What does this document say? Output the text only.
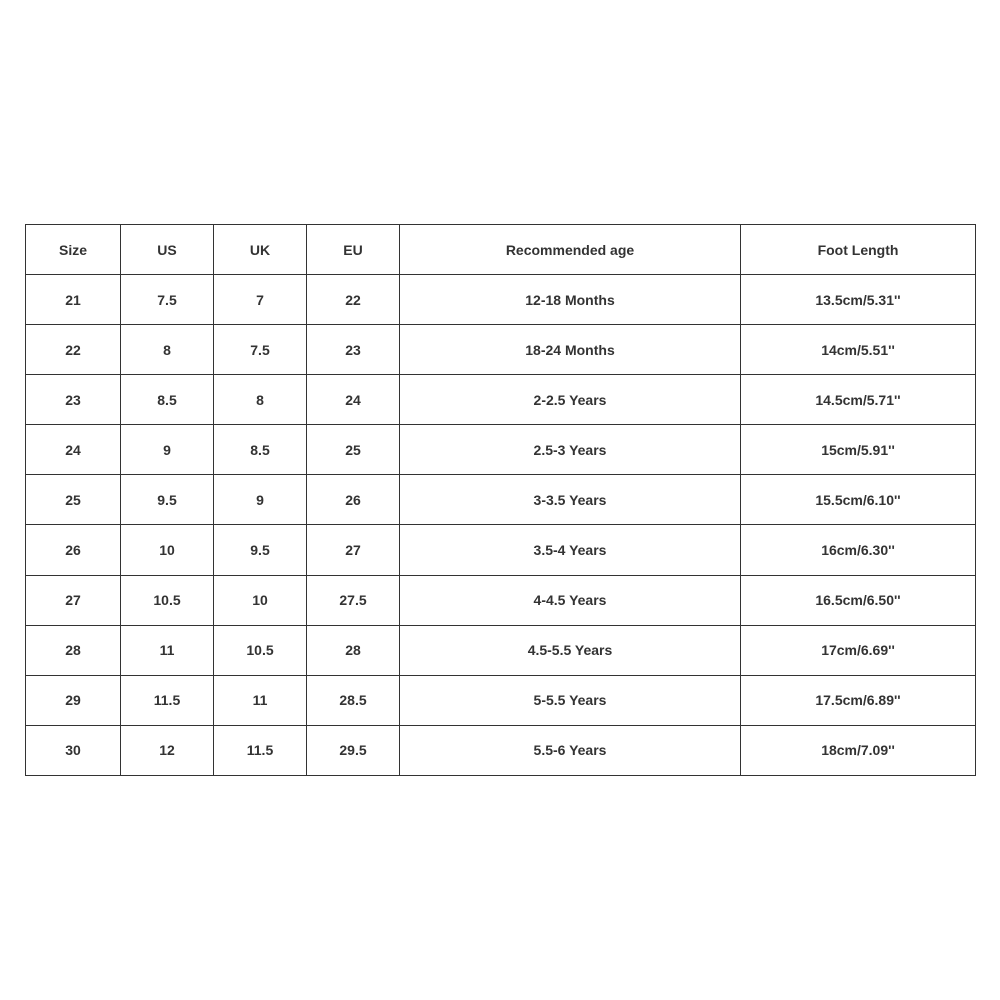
Size	US	UK	EU	Recommended age	Foot Length
21	7.5	7	22	12-18 Months	13.5cm/5.31''
22	8	7.5	23	18-24 Months	14cm/5.51''
23	8.5	8	24	2-2.5 Years	14.5cm/5.71''
24	9	8.5	25	2.5-3 Years	15cm/5.91''
25	9.5	9	26	3-3.5 Years	15.5cm/6.10''
26	10	9.5	27	3.5-4 Years	16cm/6.30''
27	10.5	10	27.5	4-4.5 Years	16.5cm/6.50''
28	11	10.5	28	4.5-5.5 Years	17cm/6.69''
29	11.5	11	28.5	5-5.5 Years	17.5cm/6.89''
30	12	11.5	29.5	5.5-6 Years	18cm/7.09''
